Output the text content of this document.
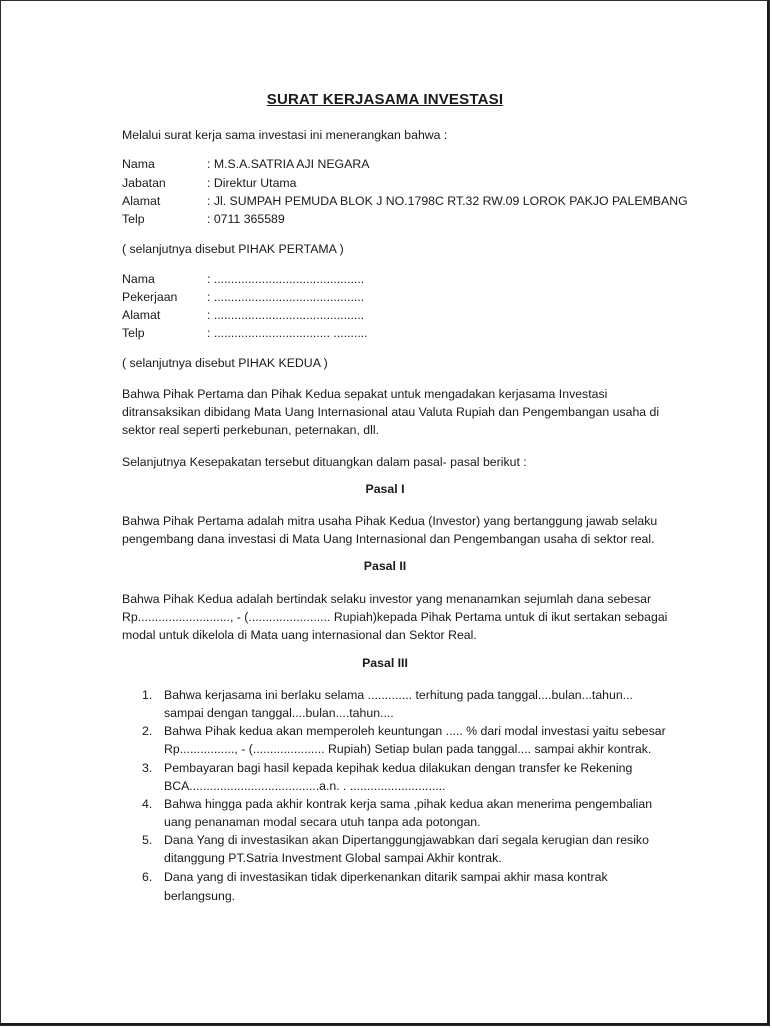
SURAT KERJASAMA INVESTASI
Melalui surat kerja sama investasi ini menerangkan bahwa :
Nama	: M.S.A.SATRIA AJI NEGARA
Jabatan	: Direktur Utama
Alamat	: Jl. SUMPAH PEMUDA BLOK J NO.1798C RT.32 RW.09 LOROK PAKJO PALEMBANG
Telp	: 0711 365589
( selanjutnya disebut PIHAK PERTAMA )
Nama	: ............................................
Pekerjaan : ............................................
Alamat	: ............................................
Telp	: .................................. ..........
( selanjutnya disebut PIHAK KEDUA )
Bahwa Pihak Pertama dan Pihak Kedua sepakat untuk mengadakan kerjasama Investasi
ditransaksikan dibidang Mata Uang Internasional atau Valuta Rupiah dan Pengembangan usaha di
sektor real seperti perkebunan, peternakan, dll.
Selanjutnya Kesepakatan tersebut dituangkan dalam pasal- pasal berikut :
Pasal I
Bahwa Pihak Pertama adalah mitra usaha Pihak Kedua (Investor) yang bertanggung jawab selaku
pengembang dana investasi di Mata Uang Internasional dan Pengembangan usaha di sektor real.
Pasal II
Bahwa Pihak Kedua adalah bertindak selaku investor yang menanamkan sejumlah dana sebesar
Rp..........................., - (........................ Rupiah)kepada Pihak Pertama untuk di ikut sertakan sebagai
modal untuk dikelola di Mata uang internasional dan Sektor Real.
Pasal III
1. Bahwa kerjasama ini berlaku selama ............. terhitung pada tanggal....bulan...tahun...
sampai dengan tanggal....bulan....tahun....
2. Bahwa Pihak kedua akan memperoleh keuntungan ..... % dari modal investasi yaitu sebesar
Rp................, - (..................... Rupiah) Setiap bulan pada tanggal.... sampai akhir kontrak.
3. Pembayaran bagi hasil kepada kepihak kedua dilakukan dengan transfer ke Rekening
BCA......................................a.n. . ............................
4. Bahwa hingga pada akhir kontrak kerja sama ,pihak kedua akan menerima pengembalian
uang penanaman modal secara utuh tanpa ada potongan.
5. Dana Yang di investasikan akan Dipertanggungjawabkan dari segala kerugian dan resiko
ditanggung PT.Satria Investment Global sampai Akhir kontrak.
6. Dana yang di investasikan tidak diperkenankan ditarik sampai akhir masa kontrak
berlangsung.
